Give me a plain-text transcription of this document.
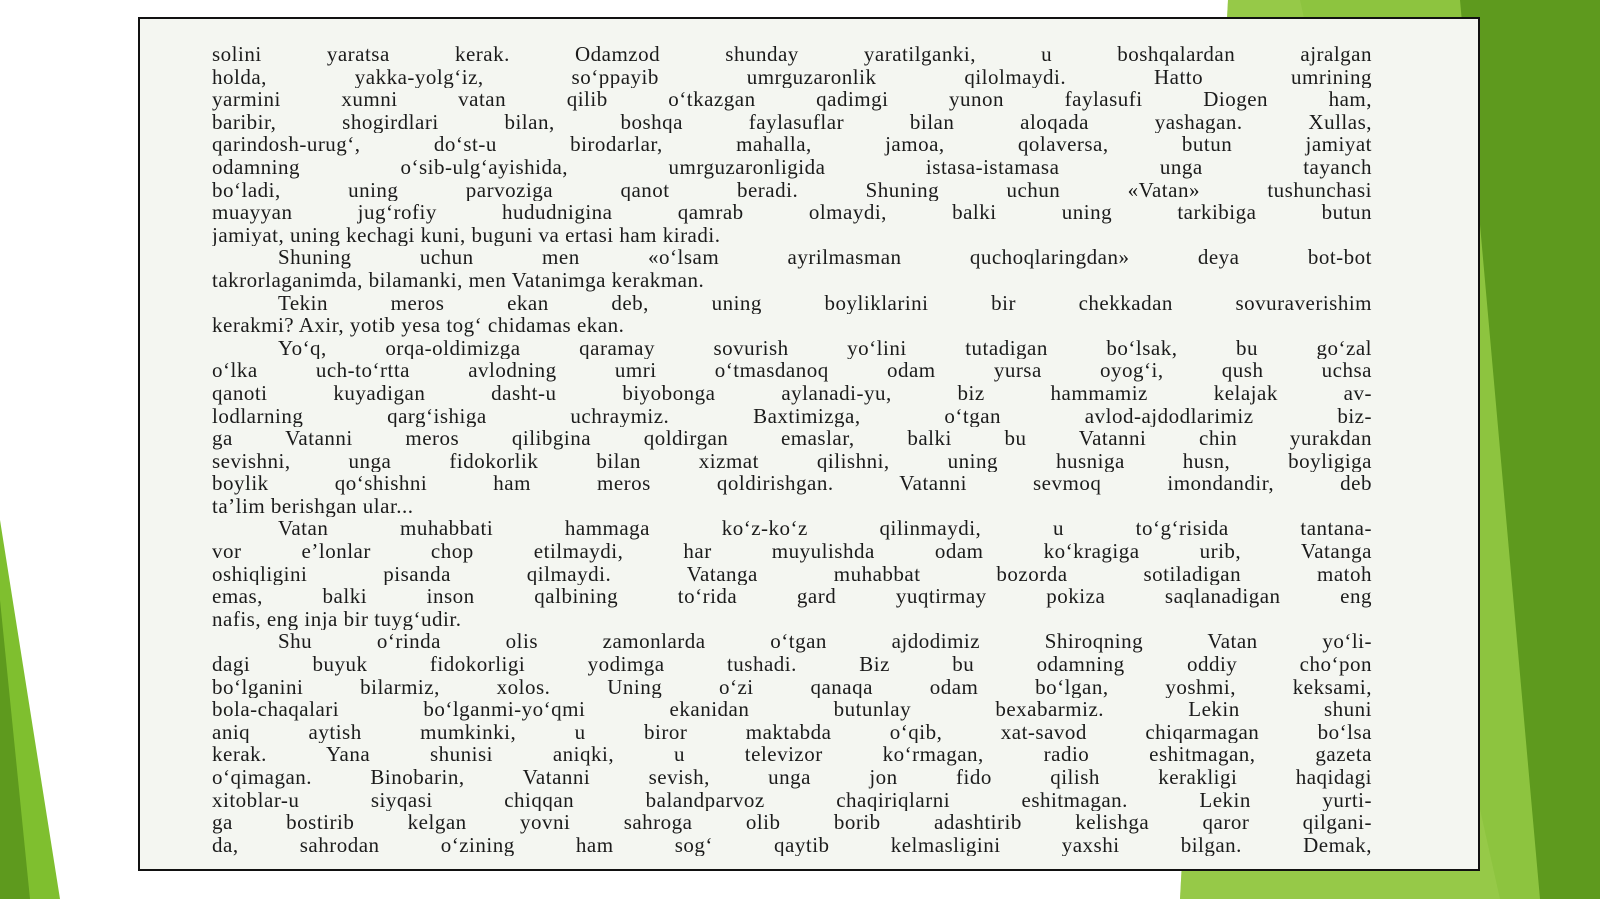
solini yaratsa kerak. Odamzod shunday yaratilganki, u boshqalardan ajralgan
holda, yakka-yolg‘iz, so‘ppayib umrguzaronlik qilolmaydi. Hatto umrining
yarmini xumni vatan qilib o‘tkazgan qadimgi yunon faylasufi Diogen ham,
baribir, shogirdlari bilan, boshqa faylasuflar bilan aloqada yashagan. Xullas,
qarindosh-urug‘, do‘st-u birodarlar, mahalla, jamoa, qolaversa, butun jamiyat
odamning o‘sib-ulg‘ayishida, umrguzaronligida istasa-istamasa unga tayanch
bo‘ladi, uning parvoziga qanot beradi. Shuning uchun «Vatan» tushunchasi
muayyan jug‘rofiy hududnigina qamrab olmaydi, balki uning tarkibiga butun
jamiyat, uning kechagi kuni, buguni va ertasi ham kiradi.
Shuning uchun men «o‘lsam ayrilmasman quchoqlaringdan» deya bot-bot
takrorlaganimda, bilamanki, men Vatanimga kerakman.
Tekin meros ekan deb, uning boyliklarini bir chekkadan sovuraverishim
kerakmi? Axir, yotib yesa tog‘ chidamas ekan.
Yo‘q, orqa-oldimizga qaramay sovurish yo‘lini tutadigan bo‘lsak, bu go‘zal
o‘lka uch-to‘rtta avlodning umri o‘tmasdanoq odam yursa oyog‘i, qush uchsa
qanoti kuyadigan dasht-u biyobonga aylanadi-yu, biz hammamiz kelajak av-
lodlarning qarg‘ishiga uchraymiz. Baxtimizga, o‘tgan avlod-ajdodlarimiz biz-
ga Vatanni meros qilibgina qoldirgan emaslar, balki bu Vatanni chin yurakdan
sevishni, unga fidokorlik bilan xizmat qilishni, uning husniga husn, boyligiga
boylik qo‘shishni ham meros qoldirishgan. Vatanni sevmoq imondandir, deb
ta’lim berishgan ular...
Vatan muhabbati hammaga ko‘z-ko‘z qilinmaydi, u to‘g‘risida tantana-
vor e’lonlar chop etilmaydi, har muyulishda odam ko‘kragiga urib, Vatanga
oshiqligini pisanda qilmaydi. Vatanga muhabbat bozorda sotiladigan matoh
emas, balki inson qalbining to‘rida gard yuqtirmay pokiza saqlanadigan eng
nafis, eng inja bir tuyg‘udir.
Shu o‘rinda olis zamonlarda o‘tgan ajdodimiz Shiroqning Vatan yo‘li-
dagi buyuk fidokorligi yodimga tushadi. Biz bu odamning oddiy cho‘pon
bo‘lganini bilarmiz, xolos. Uning o‘zi qanaqa odam bo‘lgan, yoshmi, keksami,
bola-chaqalari bo‘lganmi-yo‘qmi ekanidan butunlay bexabarmiz. Lekin shuni
aniq aytish mumkinki, u biror maktabda o‘qib, xat-savod chiqarmagan bo‘lsa
kerak. Yana shunisi aniqki, u televizor ko‘rmagan, radio eshitmagan, gazeta
o‘qimagan. Binobarin, Vatanni sevish, unga jon fido qilish kerakligi haqidagi
xitoblar-u siyqasi chiqqan balandparvoz chaqiriqlarni eshitmagan. Lekin yurti-
ga bostirib kelgan yovni sahroga olib borib adashtirib kelishga qaror qilgani-
da, sahrodan o‘zining ham sog‘ qaytib kelmasligini yaxshi bilgan. Demak,
